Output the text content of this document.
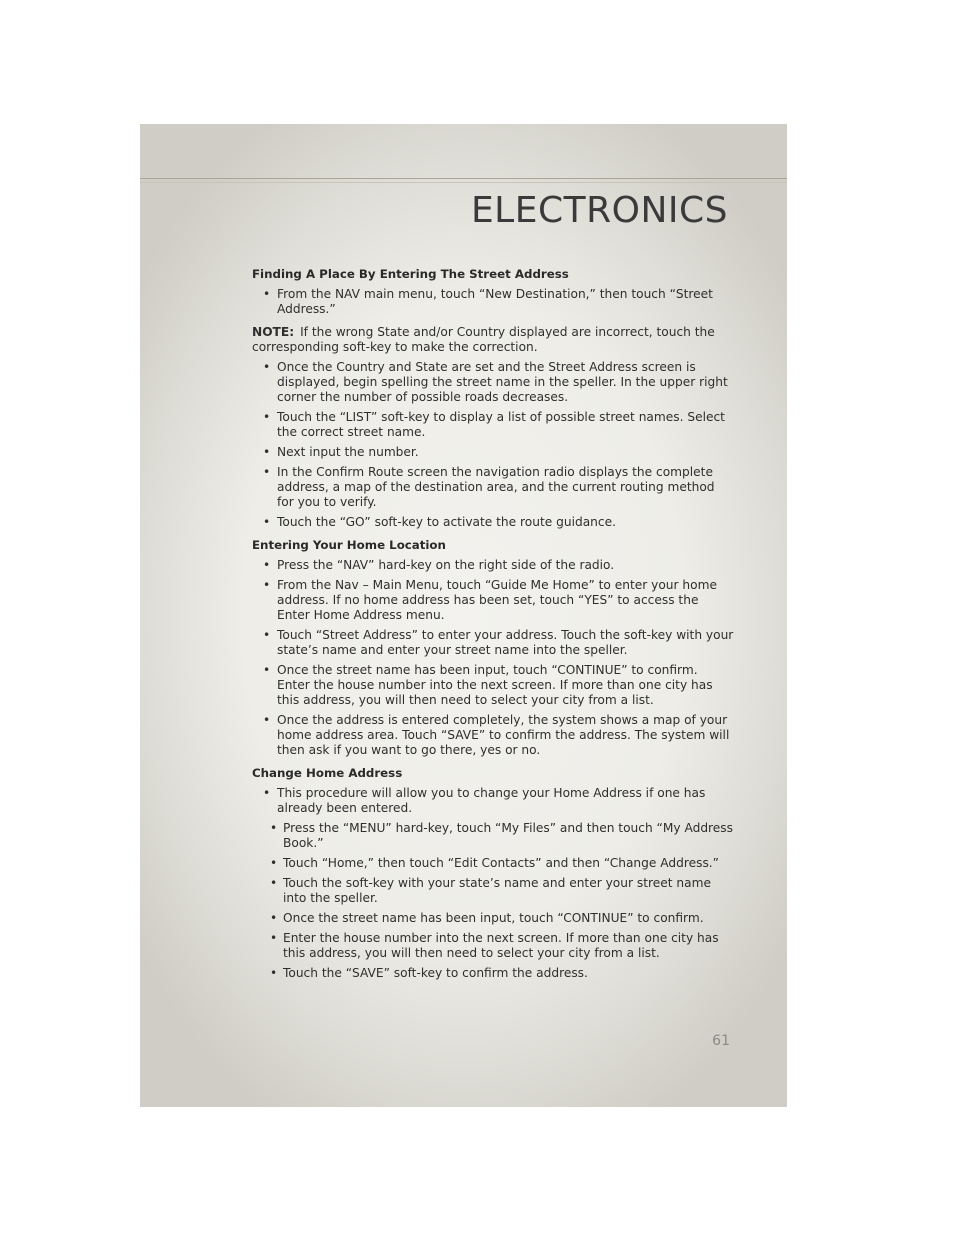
ELECTRONICS
Finding A Place By Entering The Street Address
• From the NAV main menu, touch “New Destination,” then touch “Street Address.”

NOTE: If the wrong State and/or Country displayed are incorrect, touch the corresponding soft-key to make the correction.

• Once the Country and State are set and the Street Address screen is displayed, begin spelling the street name in the speller. In the upper right corner the number of possible roads decreases.
• Touch the “LIST” soft-key to display a list of possible street names. Select the correct street name.
• Next input the number.
• In the Confirm Route screen the navigation radio displays the complete address, a map of the destination area, and the current routing method for you to verify.
• Touch the “GO” soft-key to activate the route guidance.
Entering Your Home Location
• Press the “NAV” hard-key on the right side of the radio.
• From the Nav – Main Menu, touch “Guide Me Home” to enter your home address. If no home address has been set, touch “YES” to access the Enter Home Address menu.
• Touch “Street Address” to enter your address. Touch the soft-key with your state’s name and enter your street name into the speller.
• Once the street name has been input, touch “CONTINUE” to confirm. Enter the house number into the next screen. If more than one city has this address, you will then need to select your city from a list.
• Once the address is entered completely, the system shows a map of your home address area. Touch “SAVE” to confirm the address. The system will then ask if you want to go there, yes or no.
Change Home Address
• This procedure will allow you to change your Home Address if one has already been entered.
• Press the “MENU” hard-key, touch “My Files” and then touch “My Address Book.”
• Touch “Home,” then touch “Edit Contacts” and then “Change Address.”
• Touch the soft-key with your state’s name and enter your street name into the speller.
• Once the street name has been input, touch “CONTINUE” to confirm.
• Enter the house number into the next screen. If more than one city has this address, you will then need to select your city from a list.
• Touch the “SAVE” soft-key to confirm the address.
61
